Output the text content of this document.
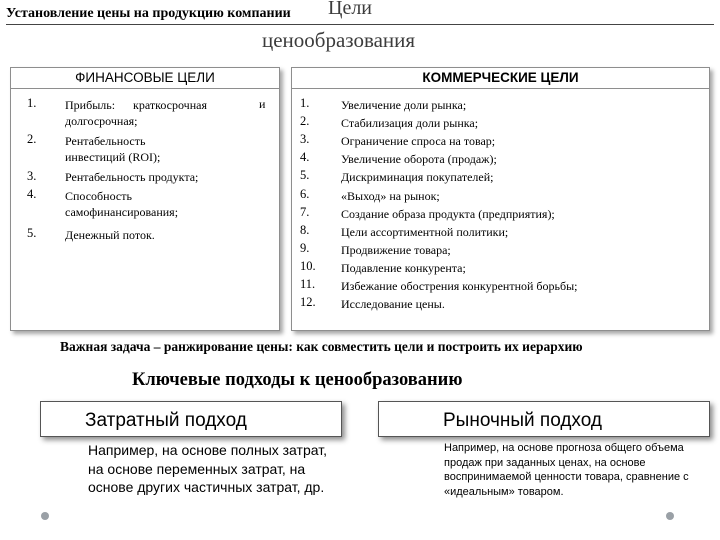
Установление цены на продукцию компании Цели
ценообразования
ФИНАНСОВЫЕ ЦЕЛИ
1. Прибыль:      краткосрочная	и
долгосрочная;
2. Рентабельность
инвестиций (ROI);
3. Рентабельность продукта;
4. Способность
самофинансирования;
5. Денежный поток.
КОММЕРЧЕСКИЕ ЦЕЛИ
1.	Увеличение доли рынка;
2.	Стабилизация доли рынка;
3.	Ограничение спроса на товар;
4.	Увеличение оборота (продаж);
5.	Дискриминация покупателей;
6.	«Выход» на рынок;
7.	Создание образа продукта (предприятия);
8.	Цели ассортиментной политики;
9.	Продвижение товара;
10. Подавление конкурента;
11. Избежание обострения конкурентной борьбы;
12. Исследование цены.
Важная задача – ранжирование цены: как совместить цели и построить их иерархию
Ключевые подходы к ценообразованию
Затратный подход
Например, на основе полных затрат, на основе переменных затрат, на основе других частичных затрат, др.
Рыночный подход
Например, на основе прогноза общего объема продаж при заданных ценах, на основе воспринимаемой ценности товара, сравнение с «идеальным» товаром.
